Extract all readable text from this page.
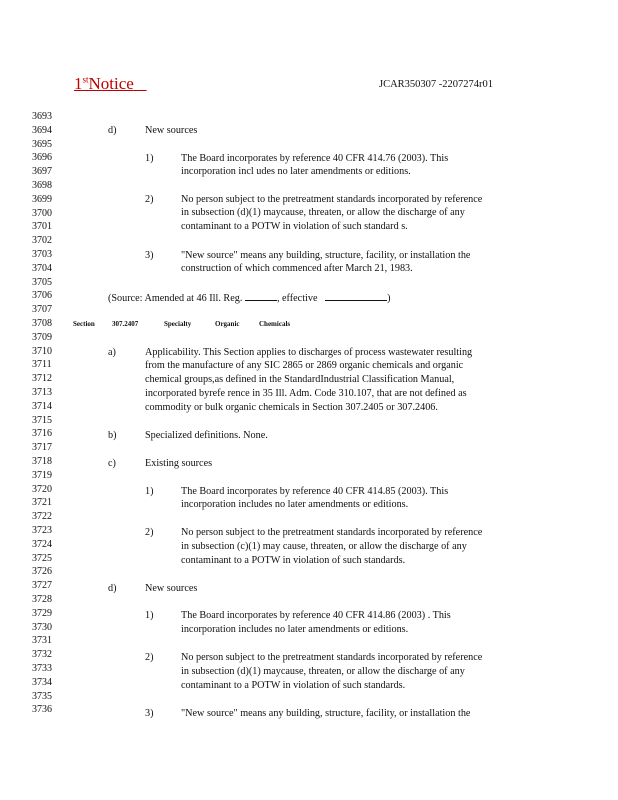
1stNotice	JCAR350307 -2207274r01
3693
3694
3695
3696
3697
3698
3699
3700
3701
3702
3703
3704
3705
3706
3707
3708
3709
3710
3711
3712
3713
3714
3715
3716
3717
3718
3719
3720
3721
3722
3723
3724
3725
3726
3727
3728
3729
3730
3731
3732
3733
3734
3735
3736
d)	New sources
1)	The Board incorporates by reference 40 CFR 414.76 (2003). This
incorporation incl udes no later amendments or editions.
2)	No person subject to the pretreatment standards incorporated by reference
in subsection (d)(1) maycause, threaten, or allow the discharge of any
contaminant to a POTW in violation of such standard s.
3)	"New source" means any building, structure, facility, or installation the
construction of which commenced after March 21, 1983.
(Source: Amended at 46 Ill. Reg.	, effective	)
Section 307.2407	Specialty	Organic	Chemicals
a)	Applicability. This Section applies to discharges of process wastewater resulting
from the manufacture of any SIC 2865 or 2869 organic chemicals and organic
chemical groups,as defined in the StandardIndustrial Classification Manual,
incorporated byrefe rence in 35 Ill. Adm. Code 310.107, that are not defined as
commodity or bulk organic chemicals in Section 307.2405 or 307.2406.
b)	Specialized definitions. None.
c)	Existing sources
1)	The Board incorporates by reference 40 CFR 414.85 (2003). This
incorporation includes no later amendments or editions.
2)	No person subject to the pretreatment standards incorporated by reference
in subsection (c)(1) may cause, threaten, or allow the discharge of any
contaminant to a POTW in violation of such standards.
d)	New sources
1)	The Board incorporates by reference 40 CFR 414.86 (2003) . This
incorporation includes no later amendments or editions.
2)	No person subject to the pretreatment standards incorporated by reference
in subsection (d)(1) maycause, threaten, or allow the discharge of any
contaminant to a POTW in violation of such standards.
3)	"New source" means any building, structure, facility, or installation the
